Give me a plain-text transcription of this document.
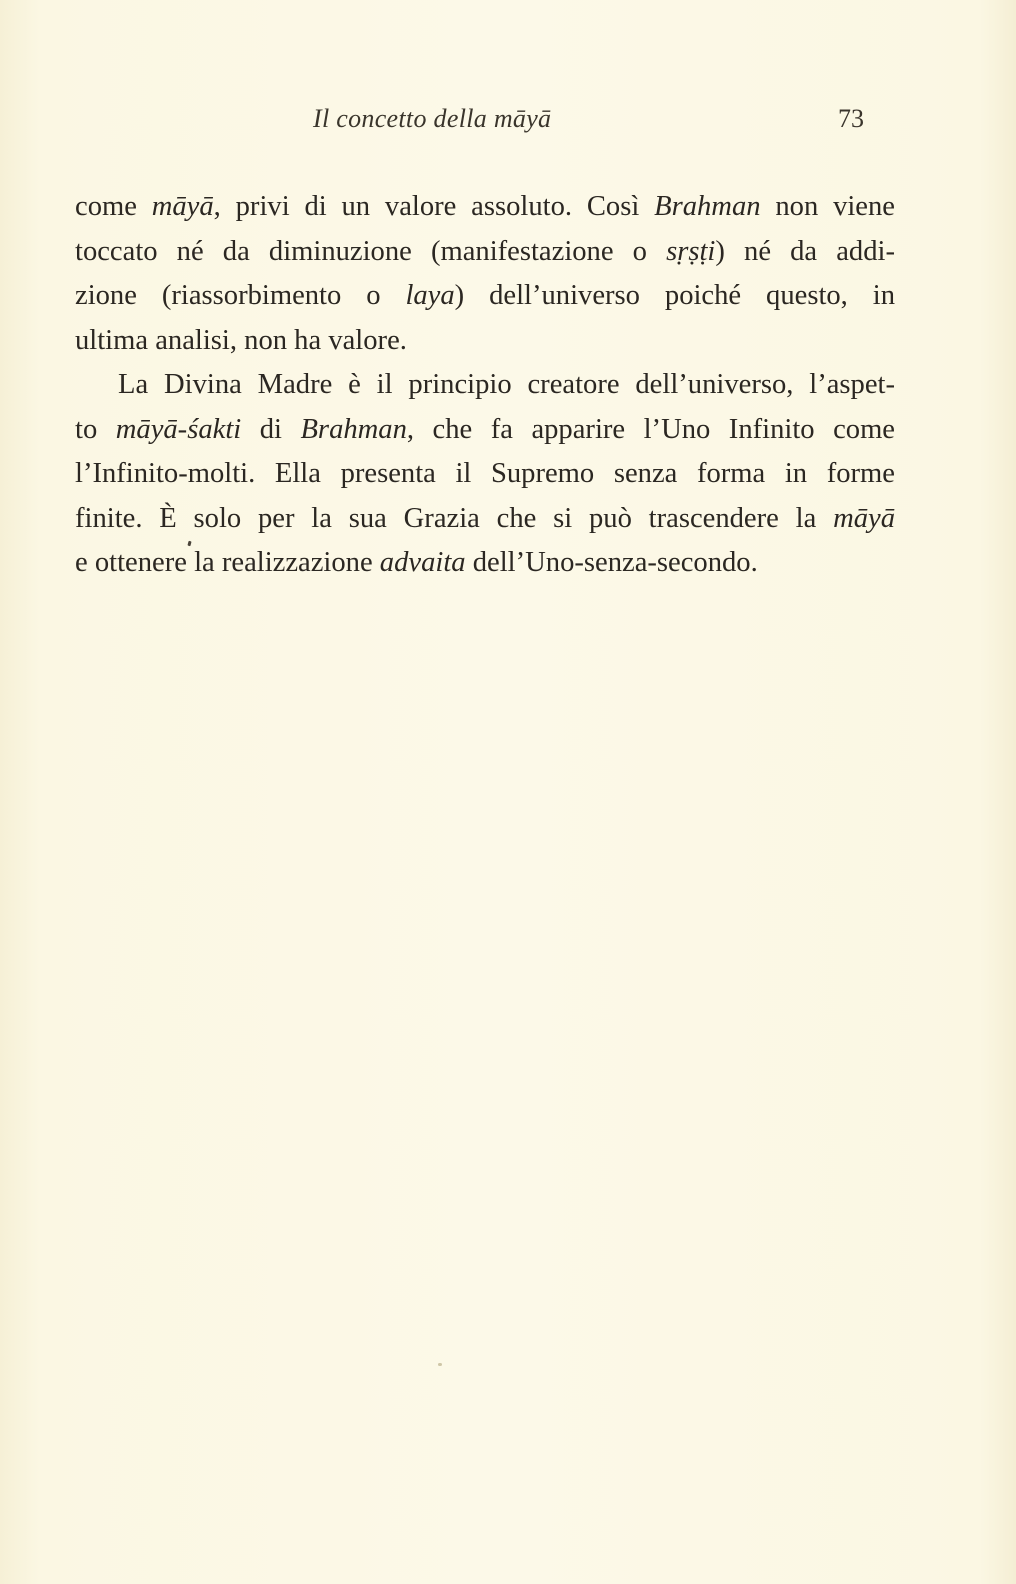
Il concetto della māyā	73
come māyā, privi di un valore assoluto. Così Brahman non viene
toccato né da diminuzione (manifestazione o sṛṣṭi) né da addi-
zione (riassorbimento o laya) dell’universo poiché questo, in
ultima analisi, non ha valore.
La Divina Madre è il principio creatore dell’universo, l’aspet-
to māyā-śakti di Brahman, che fa apparire l’Uno Infinito come
l’Infinito-molti. Ella presenta il Supremo senza forma in forme
finite. È solo per la sua Grazia che si può trascendere la māyā
e ottenere la realizzazione advaita dell’Uno-senza-secondo.
